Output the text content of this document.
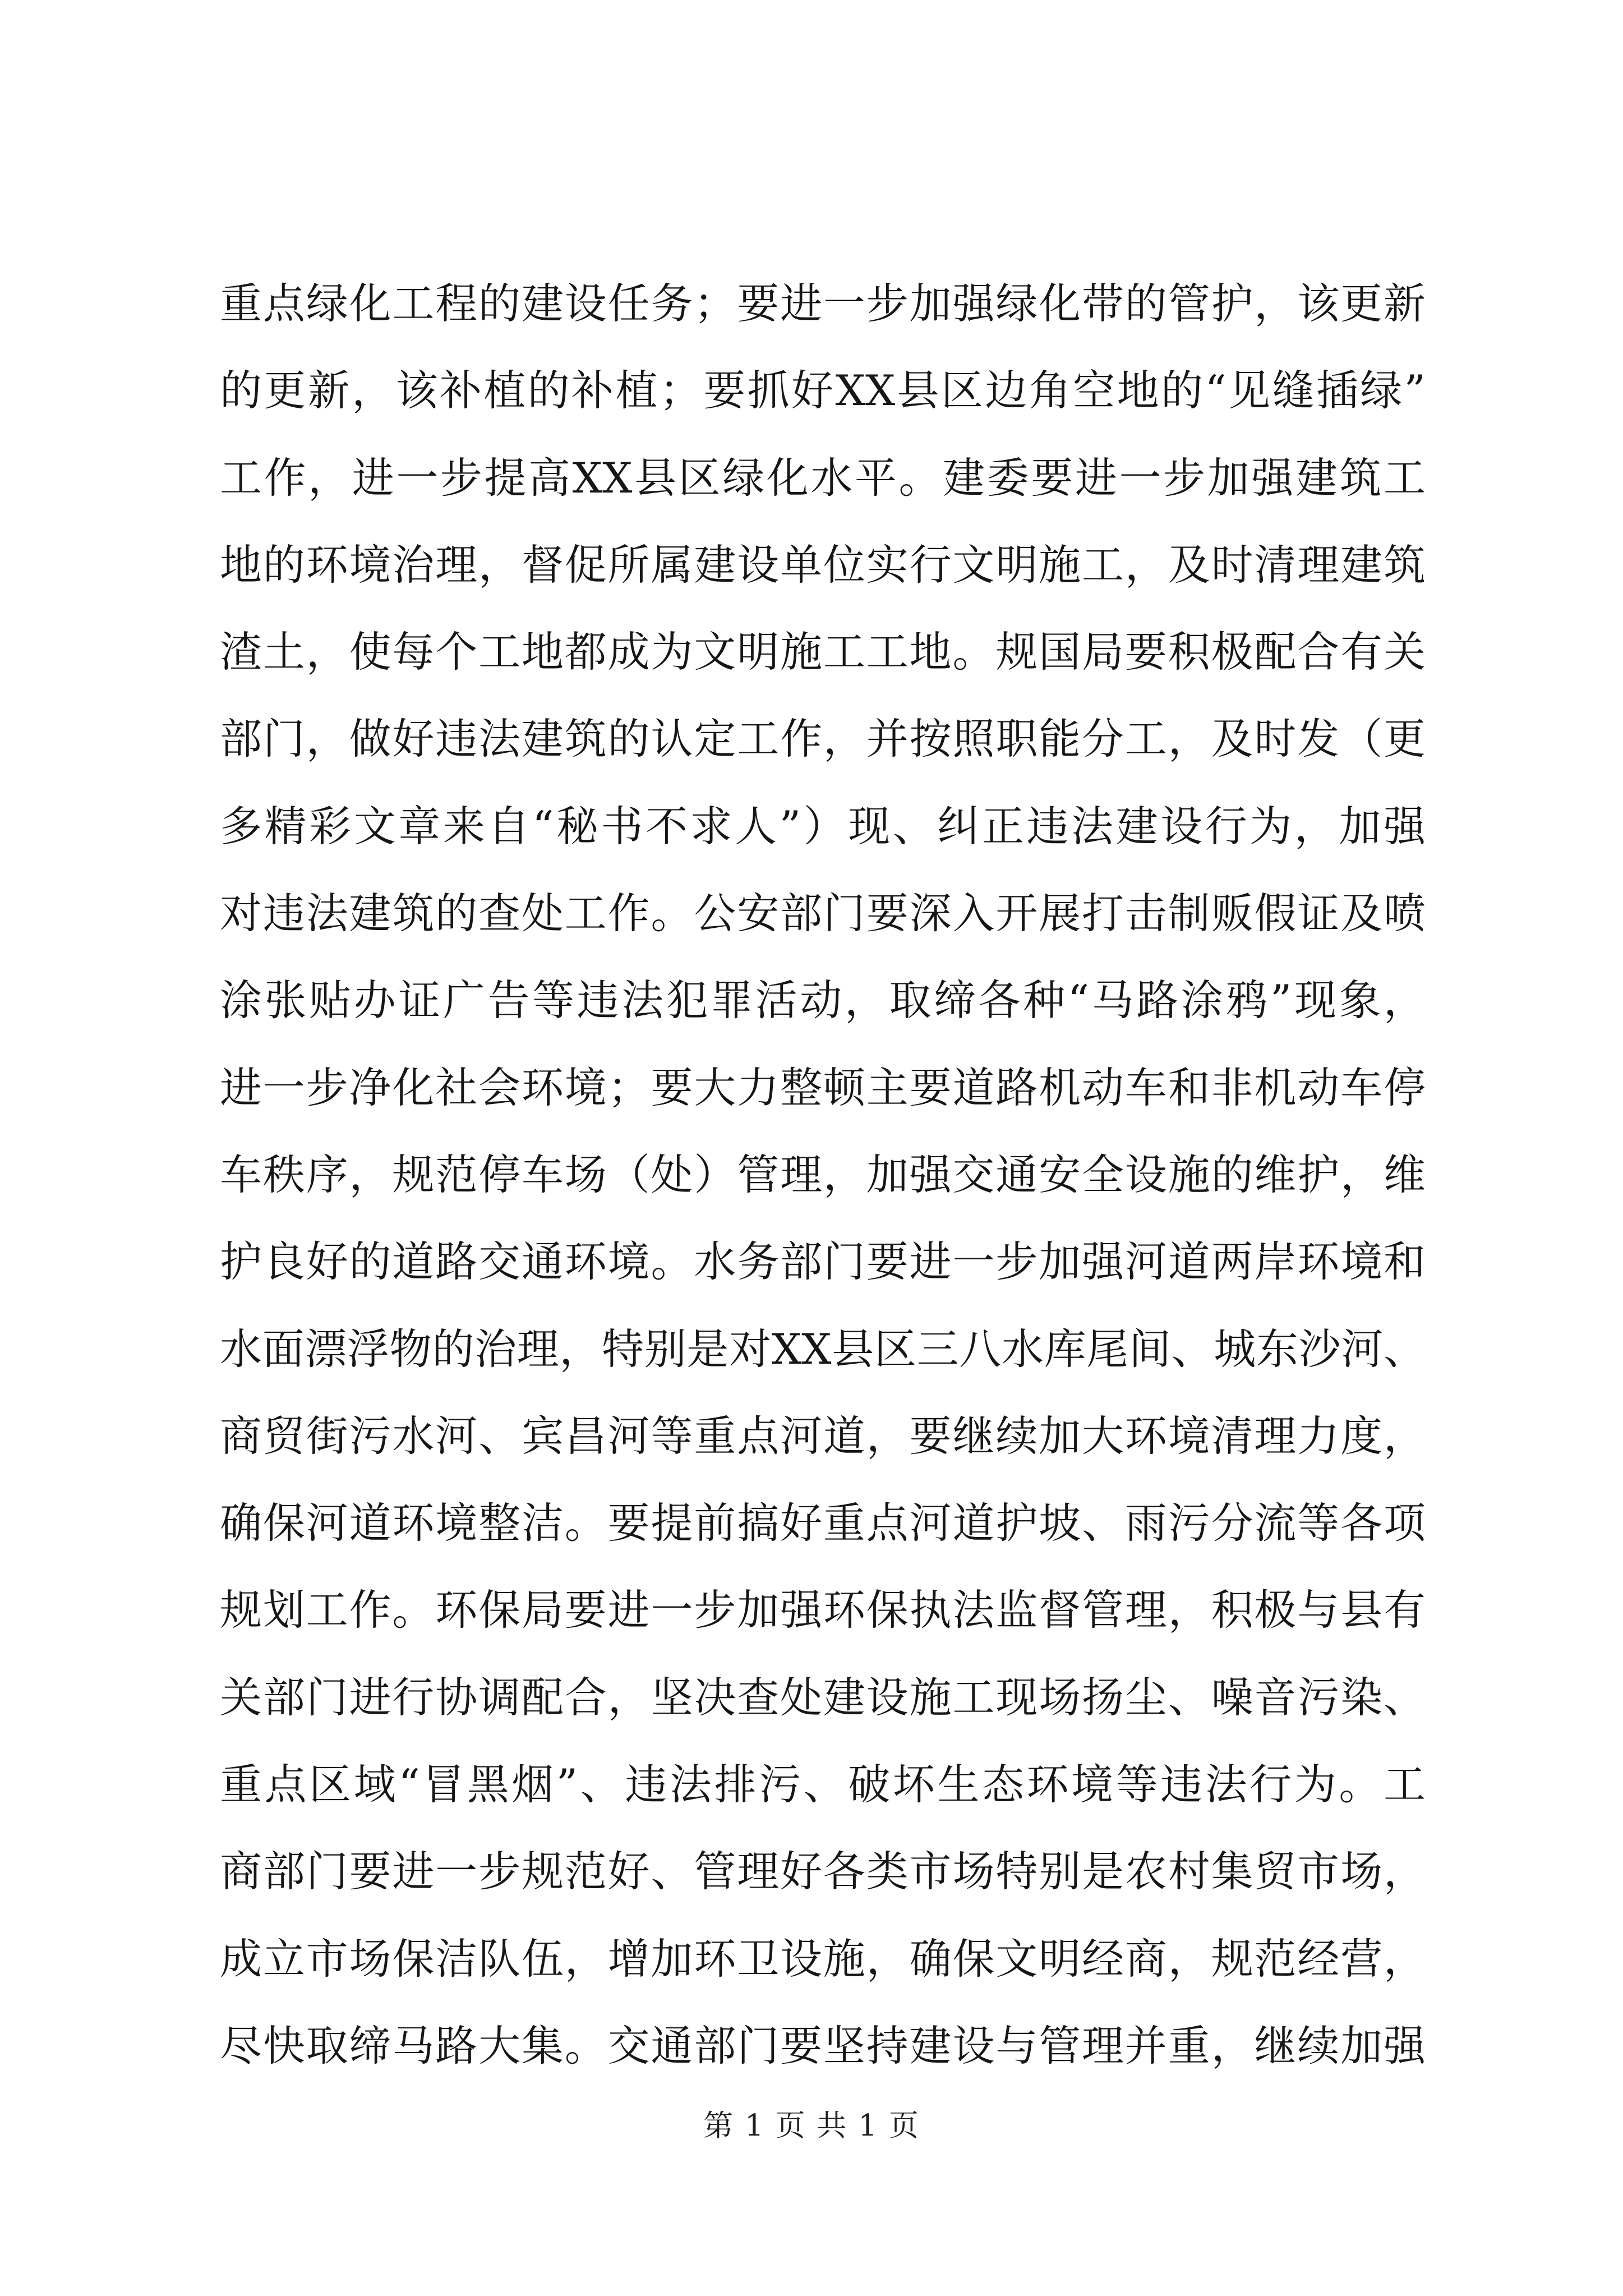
重点绿化工程的建设任务；要进一步加强绿化带的管护，该更新
的更新，该补植的补植；要抓好XX县区边角空地的“见缝插绿”
工作，进一步提高XX县区绿化水平。建委要进一步加强建筑工
地的环境治理，督促所属建设单位实行文明施工，及时清理建筑
渣土，使每个工地都成为文明施工工地。规国局要积极配合有关
部门，做好违法建筑的认定工作，并按照职能分工，及时发（更
多精彩文章来自“秘书不求人”）现、纠正违法建设行为，加强
对违法建筑的查处工作。公安部门要深入开展打击制贩假证及喷
涂张贴办证广告等违法犯罪活动，取缔各种“马路涂鸦”现象，
进一步净化社会环境；要大力整顿主要道路机动车和非机动车停
车秩序，规范停车场（处）管理，加强交通安全设施的维护，维
护良好的道路交通环境。水务部门要进一步加强河道两岸环境和
水面漂浮物的治理，特别是对XX县区三八水库尾间、城东沙河、
商贸街污水河、宾昌河等重点河道，要继续加大环境清理力度，
确保河道环境整洁。要提前搞好重点河道护坡、雨污分流等各项
规划工作。环保局要进一步加强环保执法监督管理，积极与县有
关部门进行协调配合，坚决查处建设施工现场扬尘、噪音污染、
重点区域“冒黑烟”、违法排污、破坏生态环境等违法行为。工
商部门要进一步规范好、管理好各类市场特别是农村集贸市场，
成立市场保洁队伍，增加环卫设施，确保文明经商，规范经营，
尽快取缔马路大集。交通部门要坚持建设与管理并重，继续加强
第 1 页 共 1 页
